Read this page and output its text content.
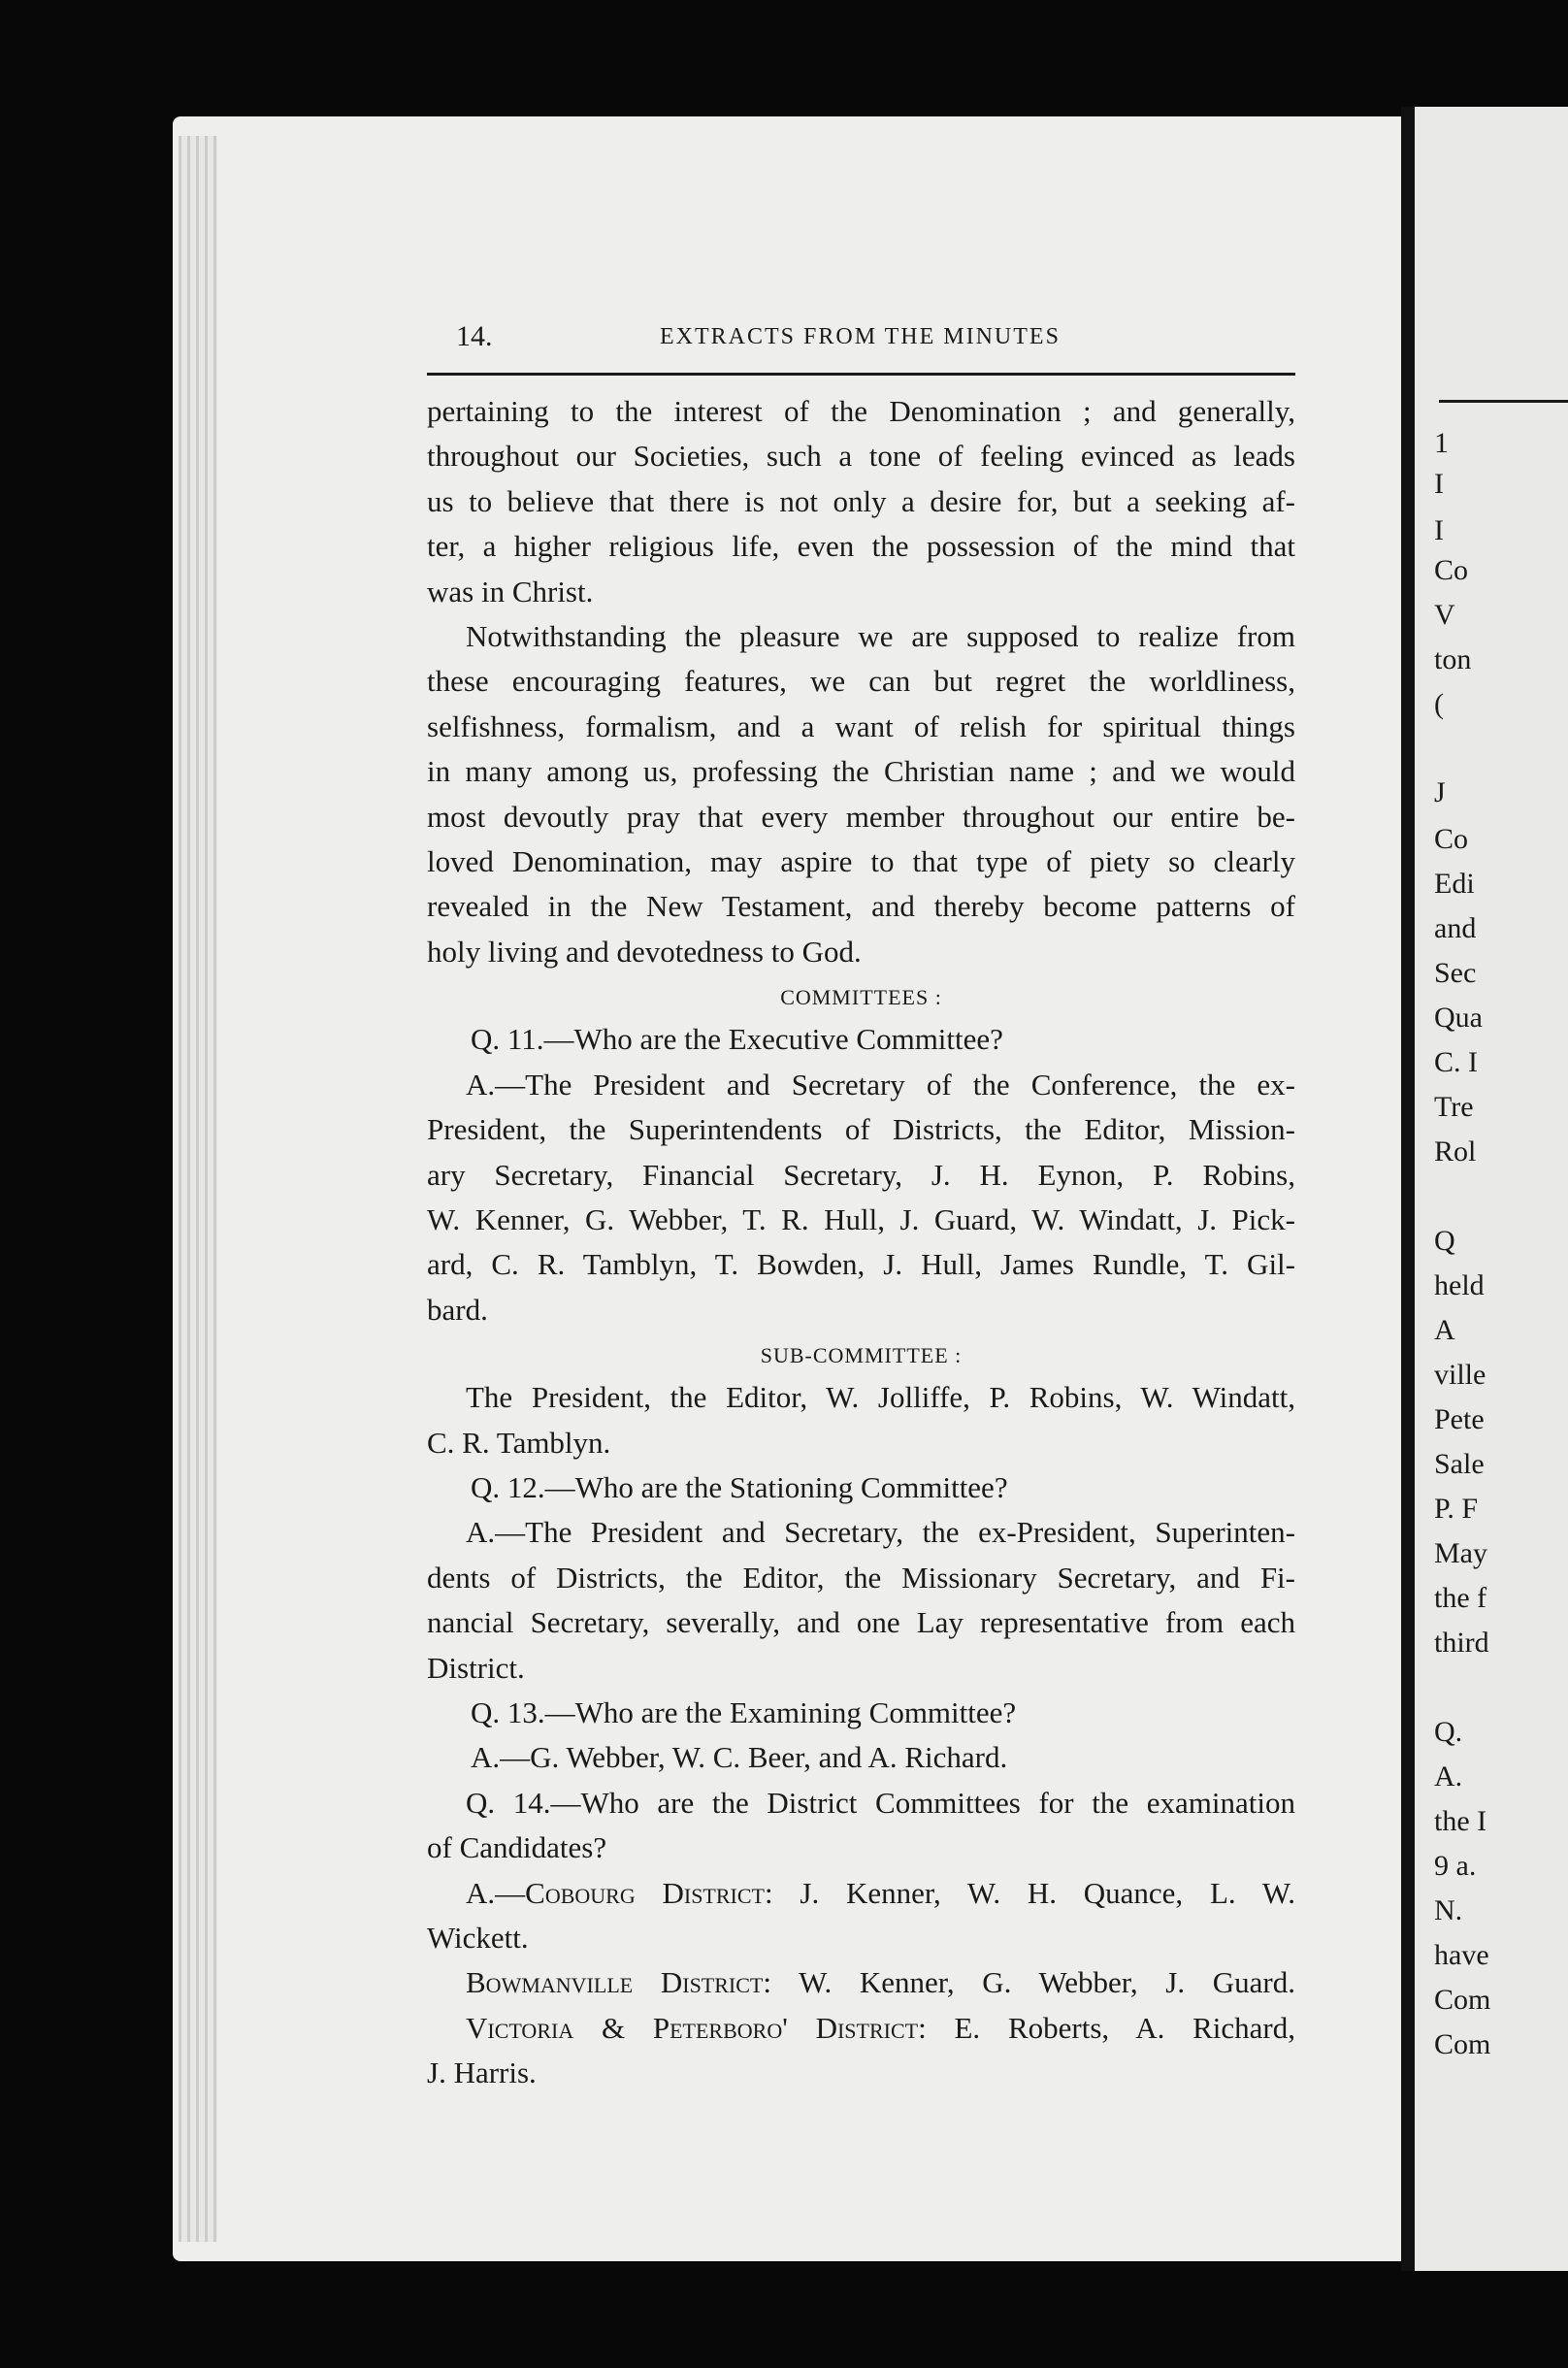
1
I
I
Co
V
ton
(
J
Co
Edi
and
Sec
Qua
C. I
Tre
Rol
Q
held
A
ville
Pete
Sale
P. F
May
the f
third
Q.
A.
the I
9 a.
N.
have
Com
Com
14.	EXTRACTS FROM THE MINUTES

pertaining to the interest of the Denomination ; and generally,

throughout our Societies, such a tone of feeling evinced as leads

us to believe that there is not only a desire for, but a seeking af-

ter, a higher religious life, even the possession of the mind that

was in Christ.

Notwithstanding the pleasure we are supposed to realize from

these encouraging features, we can but regret the worldliness,

selfishness, formalism, and a want of relish for spiritual things

in many among us, professing the Christian name ; and we would

most devoutly pray that every member throughout our entire be-

loved Denomination, may aspire to that type of piety so clearly

revealed in the New Testament, and thereby become patterns of

holy living and devotedness to God.

COMMITTEES :

Q. 11.—Who are the Executive Committee?

A.—The President and Secretary of the Conference, the ex-

President, the Superintendents of Districts, the Editor, Mission-

ary Secretary, Financial Secretary, J. H. Eynon, P. Robins,

W. Kenner, G. Webber, T. R. Hull, J. Guard, W. Windatt, J. Pick-

ard, C. R. Tamblyn, T. Bowden, J. Hull, James Rundle, T. Gil-

bard.

SUB-COMMITTEE :

The President, the Editor, W. Jolliffe, P. Robins, W. Windatt,

C. R. Tamblyn.

Q. 12.—Who are the Stationing Committee?

A.—The President and Secretary, the ex-President, Superinten-

dents of Districts, the Editor, the Missionary Secretary, and Fi-

nancial Secretary, severally, and one Lay representative from each

District.

Q. 13.—Who are the Examining Committee?

A.—G. Webber, W. C. Beer, and A. Richard.

Q. 14.—Who are the District Committees for the examination

of Candidates?

A.—Cobourg District: J. Kenner, W. H. Quance, L. W.

Wickett.

Bowmanville District: W. Kenner, G. Webber, J. Guard.

Victoria & Peterboro' District: E. Roberts, A. Richard,

J. Harris.
